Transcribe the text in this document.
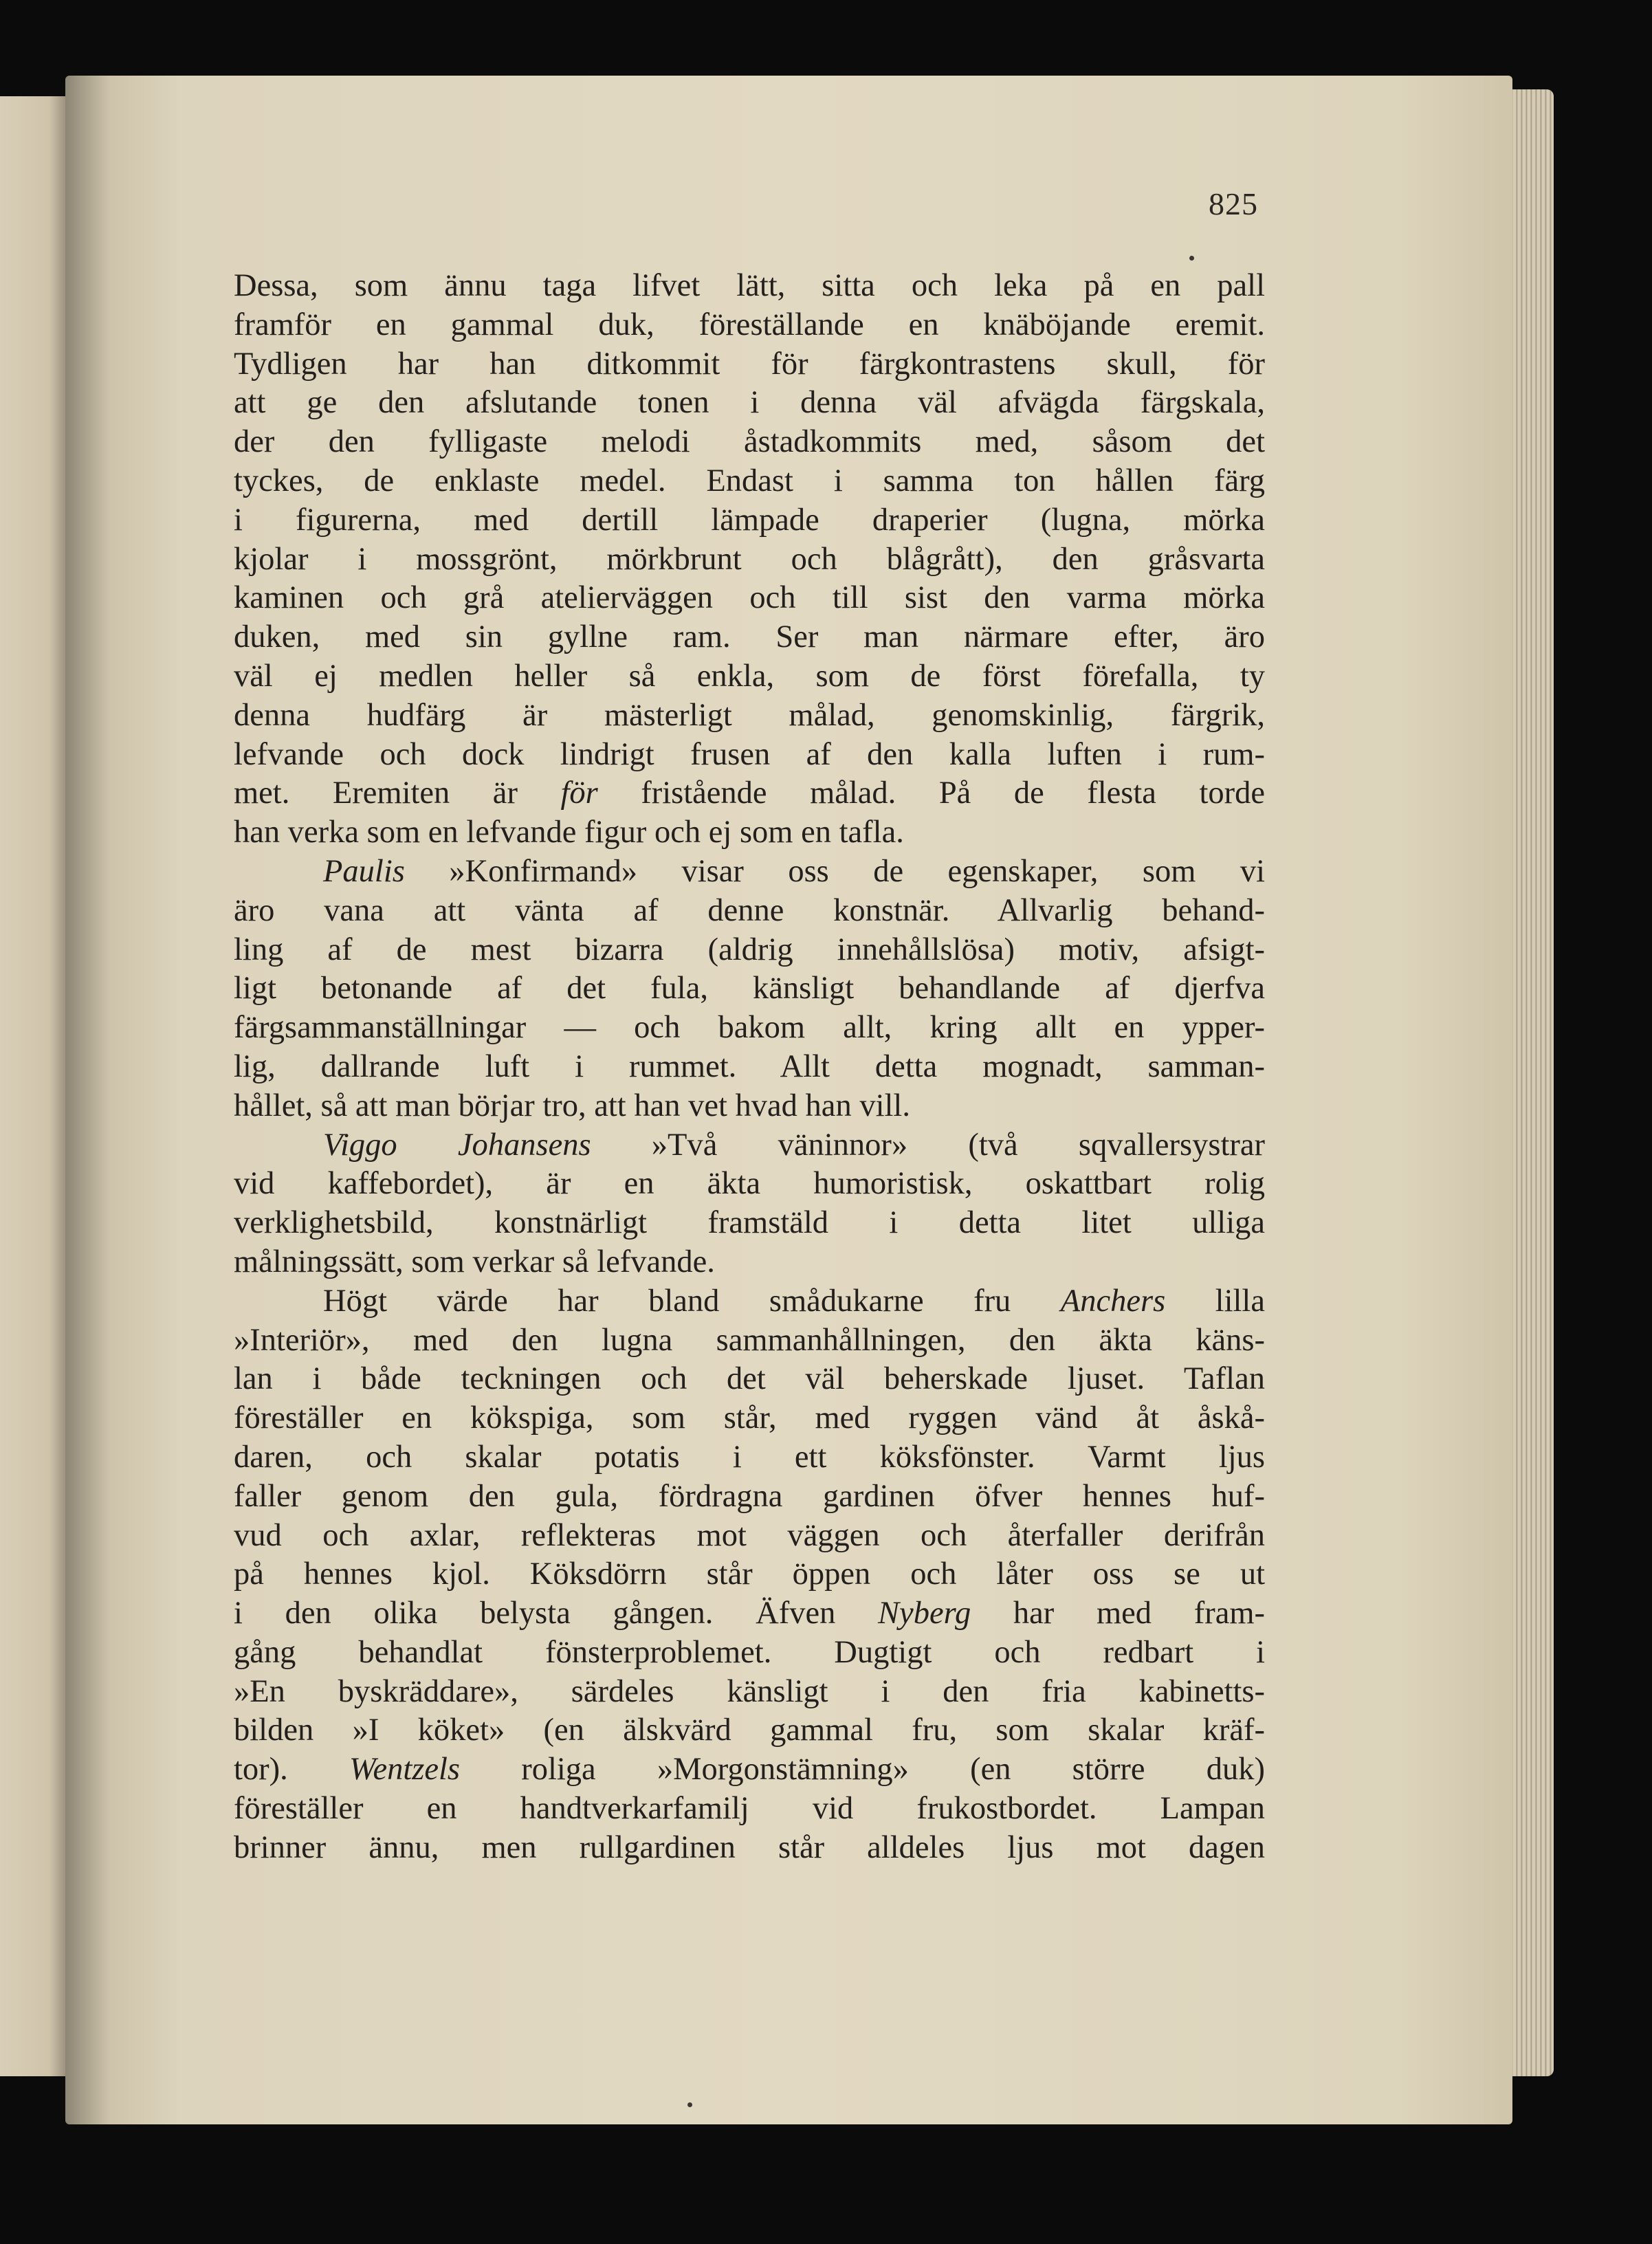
825
Dessa, som ännu taga lifvet lätt, sitta och leka på en pall
framför en gammal duk, föreställande en knäböjande eremit.
Tydligen har han ditkommit för färgkontrastens skull, för
att ge den afslutande tonen i denna väl afvägda färgskala,
der den fylligaste melodi åstadkommits med, såsom det
tyckes, de enklaste medel. Endast i samma ton hållen färg
i figurerna, med dertill lämpade draperier (lugna, mörka
kjolar i mossgrönt, mörkbrunt och blågrått), den gråsvarta
kaminen och grå atelierväggen och till sist den varma mörka
duken, med sin gyllne ram. Ser man närmare efter, äro
väl ej medlen heller så enkla, som de först förefalla, ty
denna hudfärg är mästerligt målad, genomskinlig, färgrik,
lefvande och dock lindrigt frusen af den kalla luften i rum-
met. Eremiten är för fristående målad. På de flesta torde
han verka som en lefvande figur och ej som en tafla.
Paulis »Konfirmand» visar oss de egenskaper, som vi
äro vana att vänta af denne konstnär. Allvarlig behand-
ling af de mest bizarra (aldrig innehållslösa) motiv, afsigt-
ligt betonande af det fula, känsligt behandlande af djerfva
färgsammanställningar — och bakom allt, kring allt en ypper-
lig, dallrande luft i rummet. Allt detta mognadt, samman-
hållet, så att man börjar tro, att han vet hvad han vill.
Viggo Johansens »Två väninnor» (två sqvallersystrar
vid kaffebordet), är en äkta humoristisk, oskattbart rolig
verklighetsbild, konstnärligt framstäld i detta litet ulliga
målningssätt, som verkar så lefvande.
Högt värde har bland smådukarne fru Anchers lilla
»Interiör», med den lugna sammanhållningen, den äkta käns-
lan i både teckningen och det väl beherskade ljuset. Taflan
föreställer en kökspiga, som står, med ryggen vänd åt åskå-
daren, och skalar potatis i ett köksfönster. Varmt ljus
faller genom den gula, fördragna gardinen öfver hennes huf-
vud och axlar, reflekteras mot väggen och återfaller derifrån
på hennes kjol. Köksdörrn står öppen och låter oss se ut
i den olika belysta gången. Äfven Nyberg har med fram-
gång behandlat fönsterproblemet. Dugtigt och redbart i
»En byskräddare», särdeles känsligt i den fria kabinetts-
bilden »I köket» (en älskvärd gammal fru, som skalar kräf-
tor). Wentzels roliga »Morgonstämning» (en större duk)
föreställer en handtverkarfamilj vid frukostbordet. Lampan
brinner ännu, men rullgardinen står alldeles ljus mot dagen
